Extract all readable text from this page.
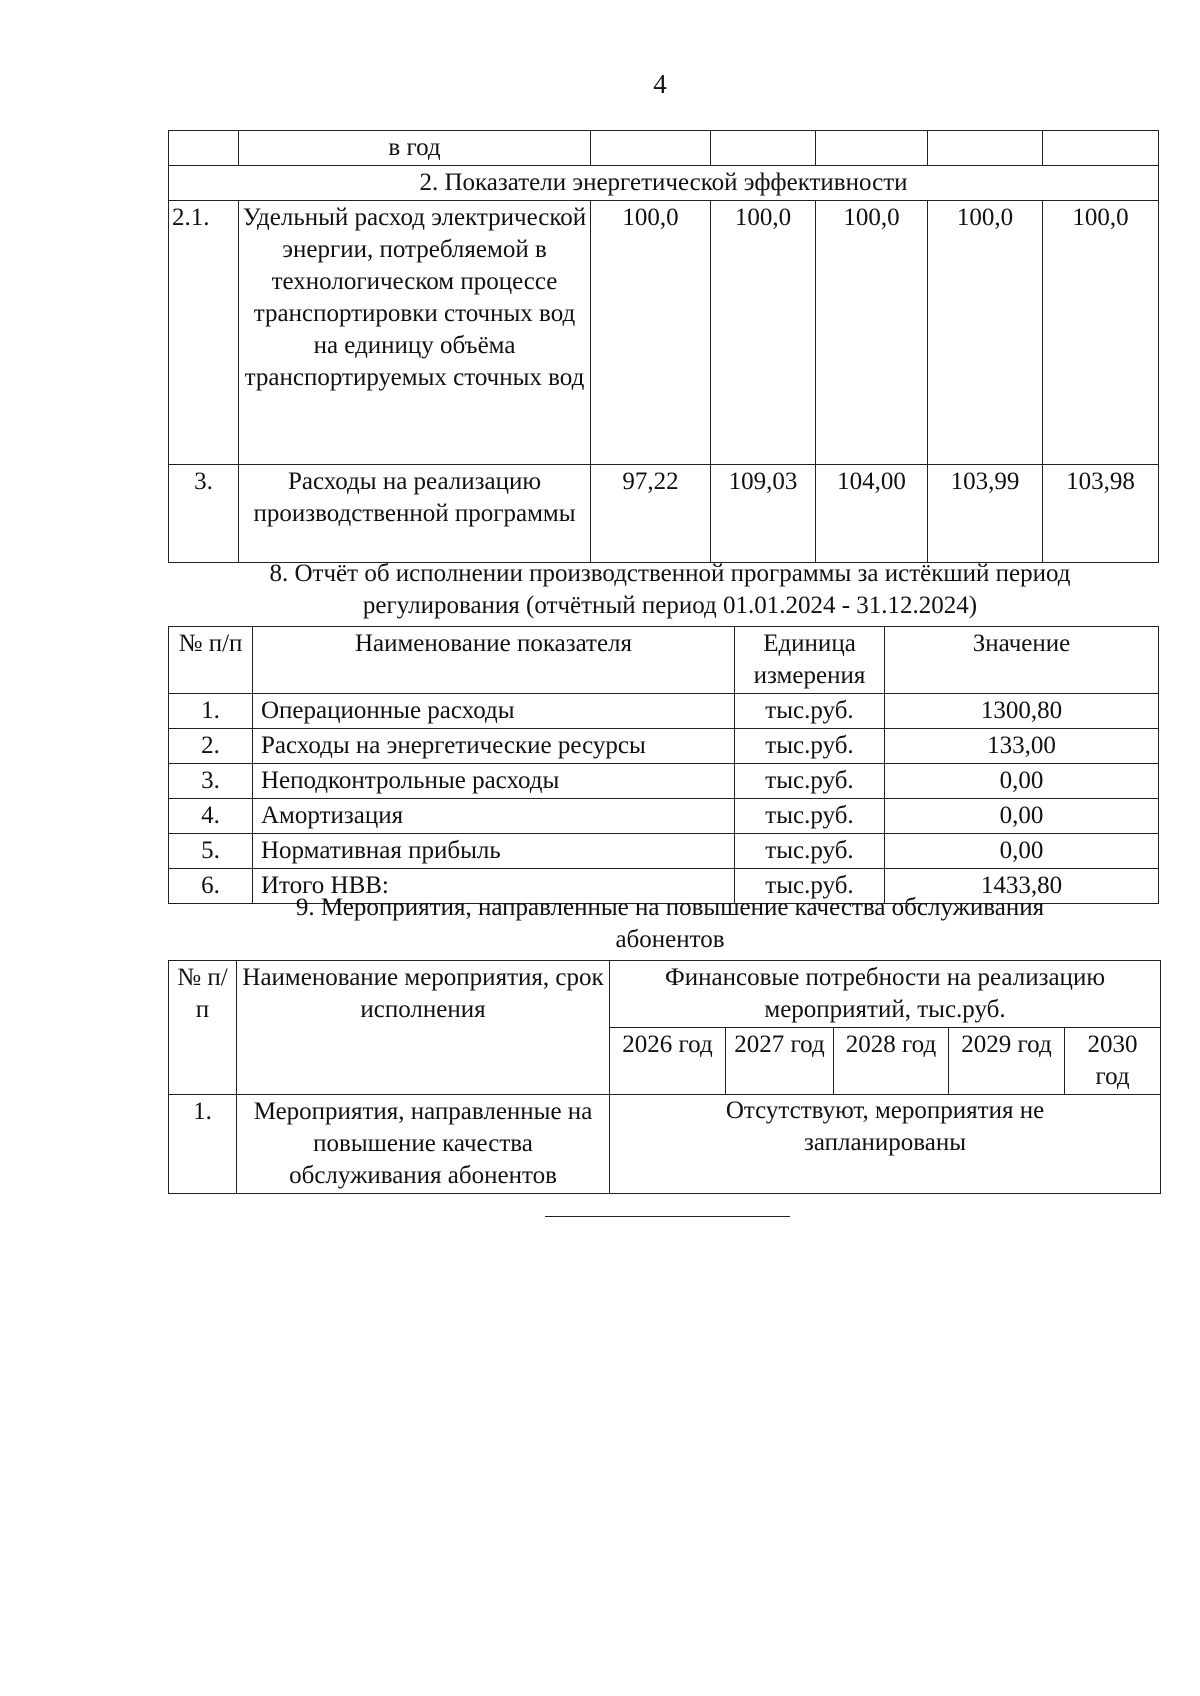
4
	в год					
2. Показатели энергетической эффективности						
2.1.	Удельный расход электрической энергии, потребляемой в технологическом процессе транспортировки сточных вод на единицу объёма транспортируемых сточных вод	100,0	100,0	100,0	100,0	100,0
3.	Расходы на реализацию производственной программы	97,22	109,03	104,00	103,99	103,98
8. Отчёт об исполнении производственной программы за истёкший период регулирования (отчётный период 01.01.2024 - 31.12.2024)
№ п/п	Наименование показателя	Единица измерения	Значение
1.	Операционные расходы	тыс.руб.	1300,80
2.	Расходы на энергетические ресурсы	тыс.руб.	133,00
3.	Неподконтрольные расходы	тыс.руб.	0,00
4.	Амортизация	тыс.руб.	0,00
5.	Нормативная прибыль	тыс.руб.	0,00
6.	Итого НВВ:	тыс.руб.	1433,80
9. Мероприятия, направленные на повышение качества обслуживания абонентов
№ п/п	Наименование мероприятия, срок исполнения	Финансовые потребности на реализацию мероприятий, тыс.руб.				
		2026 год	2027 год	2028 год	2029 год	2030 год
1.	Мероприятия, направленные на повышение качества обслуживания абонентов	Отсутствуют, мероприятия не запланированы				
